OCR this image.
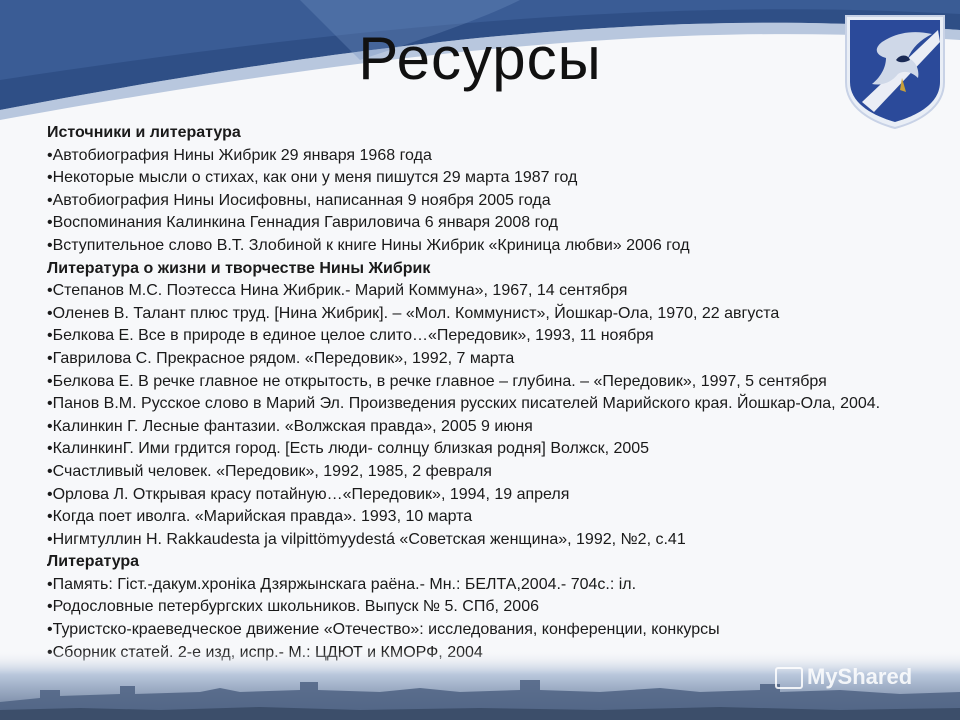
Ресурсы
Источники и литература
•Автобиография Нины Жибрик 29 января 1968 года
•Некоторые мысли о стихах, как они у меня пишутся 29 марта 1987 год
•Автобиография Нины Иосифовны, написанная 9 ноября 2005 года
•Воспоминания Калинкина Геннадия Гавриловича 6 января 2008 год
•Вступительное слово В.Т. Злобиной к книге Нины Жибрик «Криница любви» 2006 год
Литература о жизни и творчестве Нины Жибрик
•Степанов М.С. Поэтесса Нина Жибрик.- Марий Коммуна», 1967, 14 сентября
•Оленев В. Талант плюс труд. [Нина Жибрик]. – «Мол. Коммунист», Йошкар-Ола, 1970, 22 августа
•Белкова Е. Все в природе в единое целое слито…«Передовик», 1993, 11 ноября
•Гаврилова С. Прекрасное рядом. «Передовик», 1992, 7 марта
•Белкова Е. В речке главное не открытость, в речке главное – глубина. – «Передовик», 1997, 5 сентября
•Панов В.М. Русское слово в Марий Эл. Произведения русских писателей Марийского края. Йошкар-Ола, 2004.
•Калинкин Г. Лесные фантазии. «Волжская правда», 2005 9 июня
•КалинкинГ. Ими грдится город. [Есть люди- солнцу близкая родня] Волжск, 2005
•Счастливый человек. «Передовик», 1992, 1985, 2 февраля
•Орлова Л. Открывая красу потайную…«Передовик», 1994, 19 апреля
•Когда поет иволга. «Марийская правда». 1993, 10 марта
•Нигмтуллин Н. Rakkaudesta ja vilpittömyydestá «Советская женщина», 1992, №2, с.41
Литература
•Память: Гіст.-дакум.хроніка Дзяржынскага раёна.- Мн.: БЕЛТА,2004.- 704с.: іл.
•Родословные петербургских школьников. Выпуск № 5. СПб, 2006
•Туристско-краеведческое движение «Отечество»: исследования, конференции, конкурсы
MyShared
